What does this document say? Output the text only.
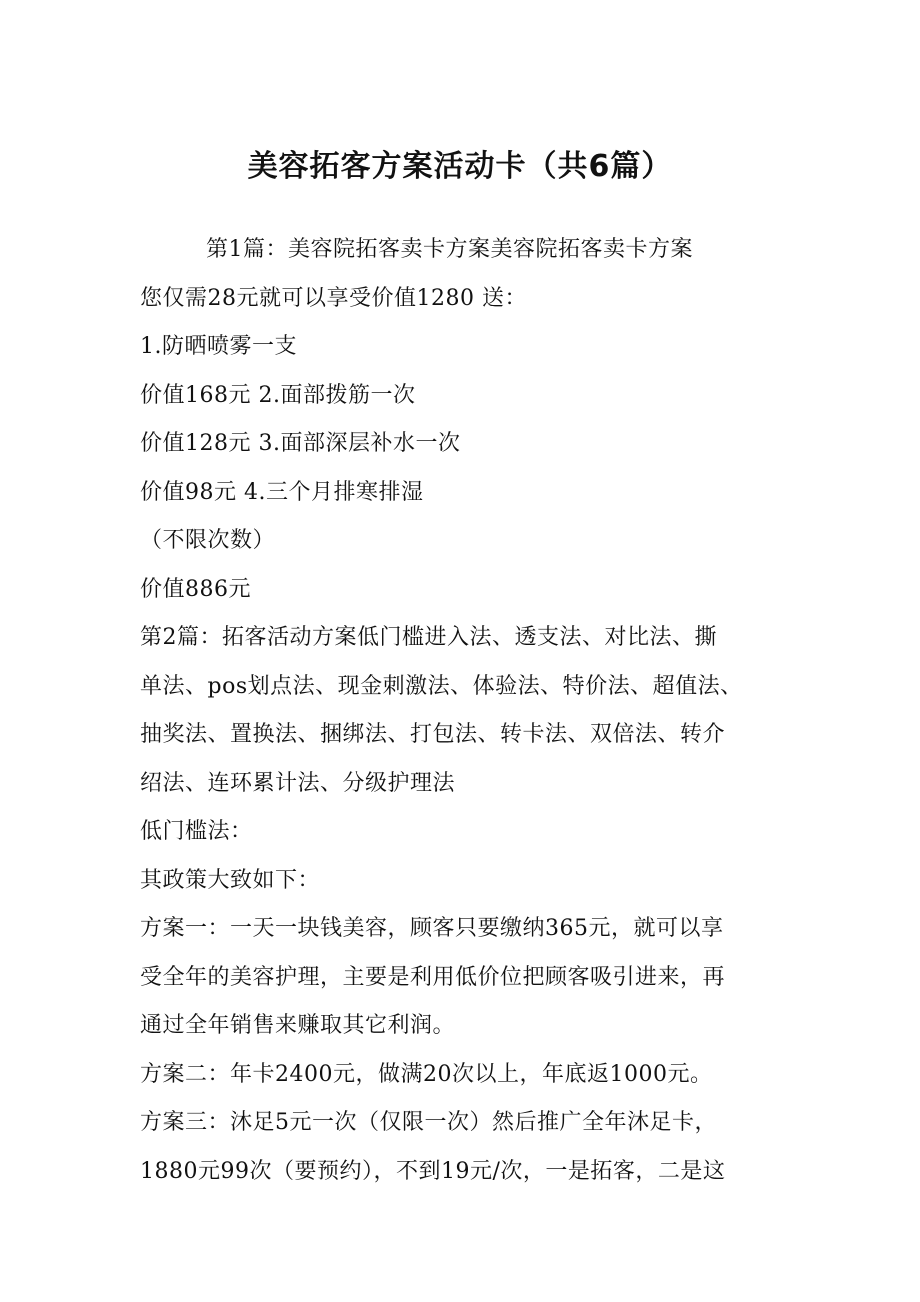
美容拓客方案活动卡（共6篇）

第1篇：美容院拓客卖卡方案美容院拓客卖卡方案

您仅需28元就可以享受价值1280 送：

1.防晒喷雾一支

价值168元 2.面部拨筋一次

价值128元 3.面部深层补水一次

价值98元 4.三个月排寒排湿

（不限次数）

价值886元

第2篇：拓客活动方案低门槛进入法、透支法、对比法、撕

单法、pos划点法、现金刺激法、体验法、特价法、超值法、

抽奖法、置换法、捆绑法、打包法、转卡法、双倍法、转介

绍法、连环累计法、分级护理法

低门槛法：

其政策大致如下：

方案一：一天一块钱美容，顾客只要缴纳365元，就可以享

受全年的美容护理，主要是利用低价位把顾客吸引进来，再

通过全年销售来赚取其它利润。

方案二：年卡2400元，做满20次以上，年底返1000元。

方案三：沐足5元一次（仅限一次）然后推广全年沐足卡，

1880元99次（要预约），不到19元/次，一是拓客，二是这
